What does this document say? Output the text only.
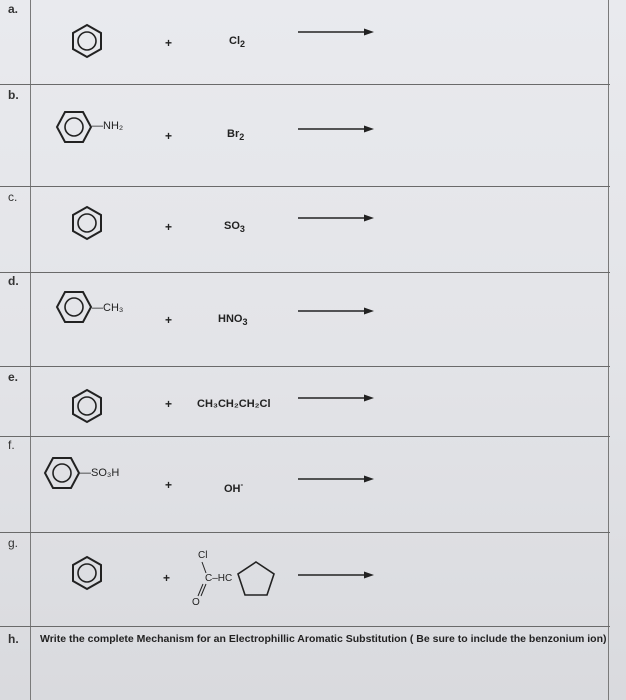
a.
b.
c.
d.
e.
f.
g.
h.
—NH₂
—CH₃
—SO₃H
+
+
+
+
+
+
+
$Cl_2$
$Br_2$
$SO_3$
$HNO_3$
CH₃CH₂CH₂Cl
OH-
Cl
C–HC
O
Write the complete Mechanism for an Electrophillic Aromatic Substitution ( Be sure to include the benzonium ion)
